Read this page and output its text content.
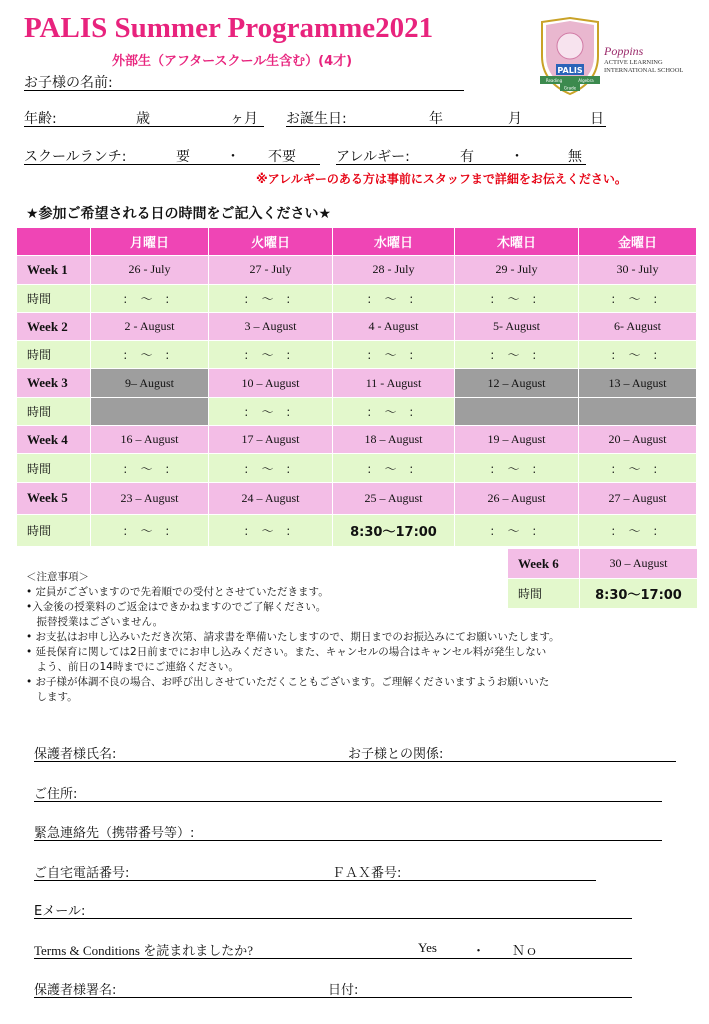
PALIS Summer Programme2021
外部生（アフタースクール生含む）(4才)
PALIS
Reading	Algebra
Grade
Poppins
ACTIVE LEARNING
INTERNATIONAL SCHOOL
お子様の名前:
年齢:	歳	ヶ月 お誕生日:	年	月	日
スクールランチ:	要	・ 不要	アレルギー:	有	・	無
※アレルギーのある方は事前にスタッフまで詳細をお伝えください。
★参加ご希望される日の時間をご記入ください★
	月曜日	火曜日	水曜日	木曜日	金曜日
Week 1	26 - July	27 - July	28 - July	29 - July	30 - July
時間	：　〜　：	：　〜　：	：　〜　：	：　〜　：	：　〜　：
Week 2	2 - August	3 – August	4 - August	5- August	6- August
時間	：　〜　：	：　〜　：	：　〜　：	：　〜　：	：　〜　：
Week 3	9– August	10 – August	11 - August	12 – August	13 – August
時間		：　〜　：	：　〜　：		
Week 4	16 – August	17 – August	18 – August	19 – August	20 – August
時間	：　〜　：	：　〜　：	：　〜　：	：　〜　：	：　〜　：
Week 5	23 – August	24 – August	25 – August	26 – August	27 – August
時間	：　〜　：	：　〜　：	8:30〜17:00	：　〜　：	：　〜　：
Week 6	30 – August
時間	8:30〜17:00
＜注意事項＞
• 定員がございますので先着順での受付とさせていただきます。
•入金後の授業料のご返金はできかねますのでご了解ください。
　振替授業はございません。
• お支払はお申し込みいただき次第、請求書を準備いたしますので、期日までのお振込みにてお願いいたします。
• 延長保育に関しては2日前までにお申し込みください。また、キャンセルの場合はキャンセル料が発生しない
　よう、前日の14時までにご連絡ください。
• お子様が体調不良の場合、お呼び出しさせていただくこともございます。ご理解くださいますようお願いいた
　します。
保護者様氏名:	お子様との関係:
ご住所:
緊急連絡先（携帯番号等）:
ご自宅電話番号:	ＦＡＸ番号:
Eメール:
Terms & Conditions を読まれましたか?	Yes	・ Ｎｏ
保護者様署名:	日付:
